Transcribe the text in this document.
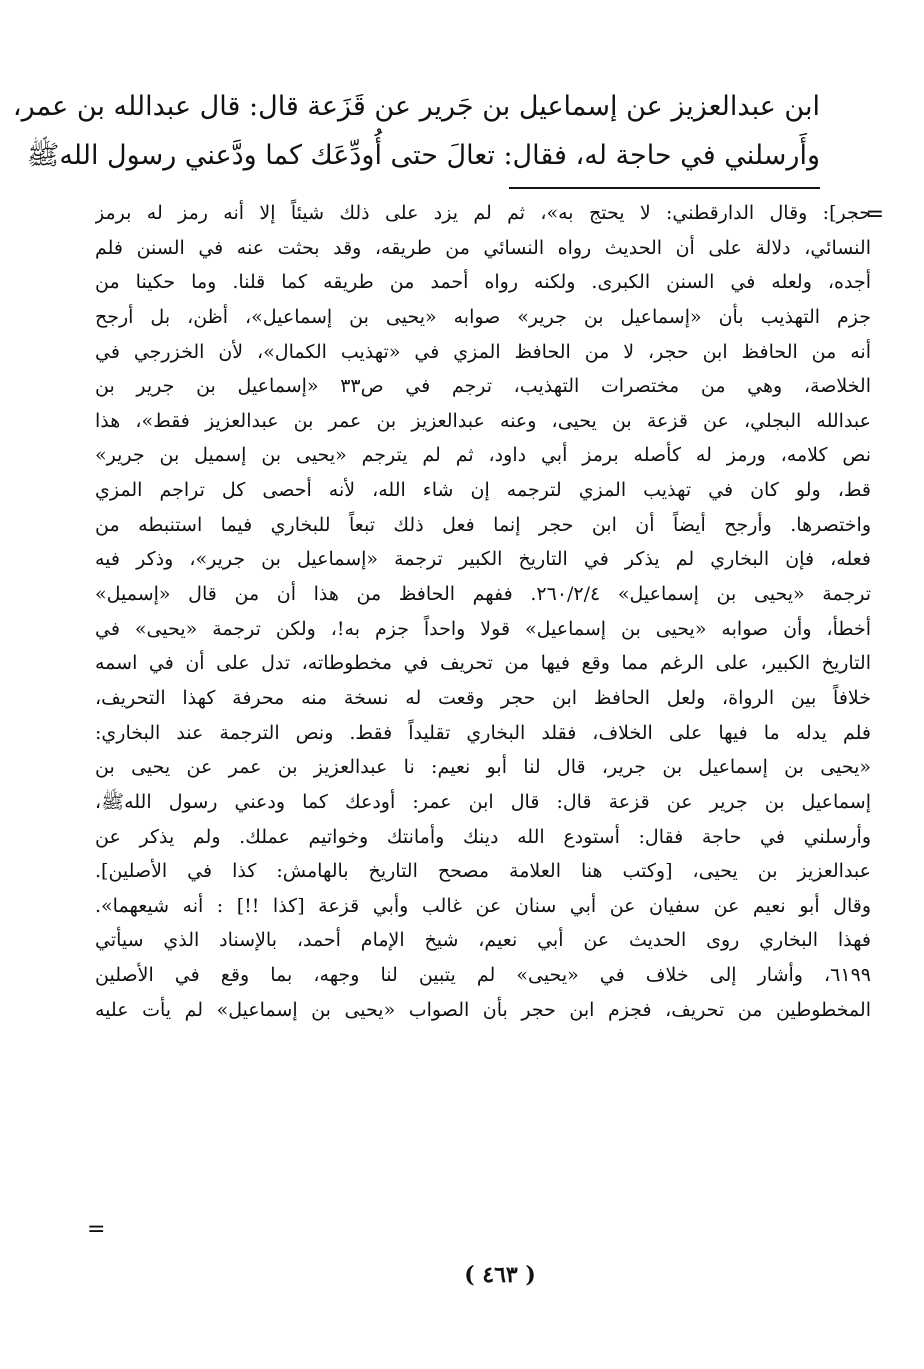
ابن عبدالعزيز عن إسماعيل بن جَرير عن قَزَعة قال: قال عبدالله بن عمر،
وأَرسلني في حاجة له، فقال: تعالَ حتى أُودِّعَك كما ودَّعني رسول اللهﷺ
=
حجر]: وقال الدارقطني: لا يحتج به»، ثم لم يزد على ذلك شيئاً إلا أنه رمز له برمز
النسائي، دلالة على أن الحديث رواه النسائي من طريقه، وقد بحثت عنه في السنن فلم
أجده، ولعله في السنن الكبرى. ولكنه رواه أحمد من طريقه كما قلنا. وما حكينا من
جزم التهذيب بأن «إسماعيل بن جرير» صوابه «يحيى بن إسماعيل»، أظن، بل أرجح
أنه من الحافظ ابن حجر، لا من الحافظ المزي في «تهذيب الكمال»، لأن الخزرجي في
الخلاصة، وهي من مختصرات التهذيب، ترجم في ص٣٣ «إسماعيل بن جرير بن
عبدالله البجلي، عن قزعة بن يحيى، وعنه عبدالعزيز بن عمر بن عبدالعزيز فقط»، هذا
نص كلامه، ورمز له كأصله برمز أبي داود، ثم لم يترجم «يحيى بن إسميل بن جرير»
قط، ولو كان في تهذيب المزي لترجمه إن شاء الله، لأنه أحصى كل تراجم المزي
واختصرها. وأرجح أيضاً أن ابن حجر إنما فعل ذلك تبعاً للبخاري فيما استنبطه من
فعله، فإن البخاري لم يذكر في التاريخ الكبير ترجمة «إسماعيل بن جرير»، وذكر فيه
ترجمة «يحيى بن إسماعيل» ٢٦٠/٢/٤. ففهم الحافظ من هذا أن من قال «إسميل»
أخطأ، وأن صوابه «يحيى بن إسماعيل» قولا واحداً جزم به!، ولكن ترجمة «يحيى» في
التاريخ الكبير، على الرغم مما وقع فيها من تحريف في مخطوطاته، تدل على أن في اسمه
خلافاً بين الرواة، ولعل الحافظ ابن حجر وقعت له نسخة منه محرفة كهذا التحريف،
فلم يدله ما فيها على الخلاف، فقلد البخاري تقليداً فقط. ونص الترجمة عند البخاري:
«يحيى بن إسماعيل بن جرير، قال لنا أبو نعيم: نا عبدالعزيز بن عمر عن يحيى بن
إسماعيل بن جرير عن قزعة قال: قال ابن عمر: أودعك كما ودعني رسول اللهﷺ،
وأرسلني في حاجة فقال: أستودع الله دينك وأمانتك وخواتيم عملك. ولم يذكر عن
عبدالعزيز بن يحيى، [وكتب هنا العلامة مصحح التاريخ بالهامش: كذا في الأصلين].
وقال أبو نعيم عن سفيان عن أبي سنان عن غالب وأبي قزعة [كذا !!] : أنه شيعهما».
فهذا البخاري روى الحديث عن أبي نعيم، شيخ الإمام أحمد، بالإسناد الذي سيأتي
٦١٩٩، وأشار إلى خلاف في «يحيى» لم يتبين لنا وجهه، بما وقع في الأصلين
المخطوطين من تحريف، فجزم ابن حجر بأن الصواب «يحيى بن إسماعيل» لم يأت عليه
=
( ٤٦٣ )
